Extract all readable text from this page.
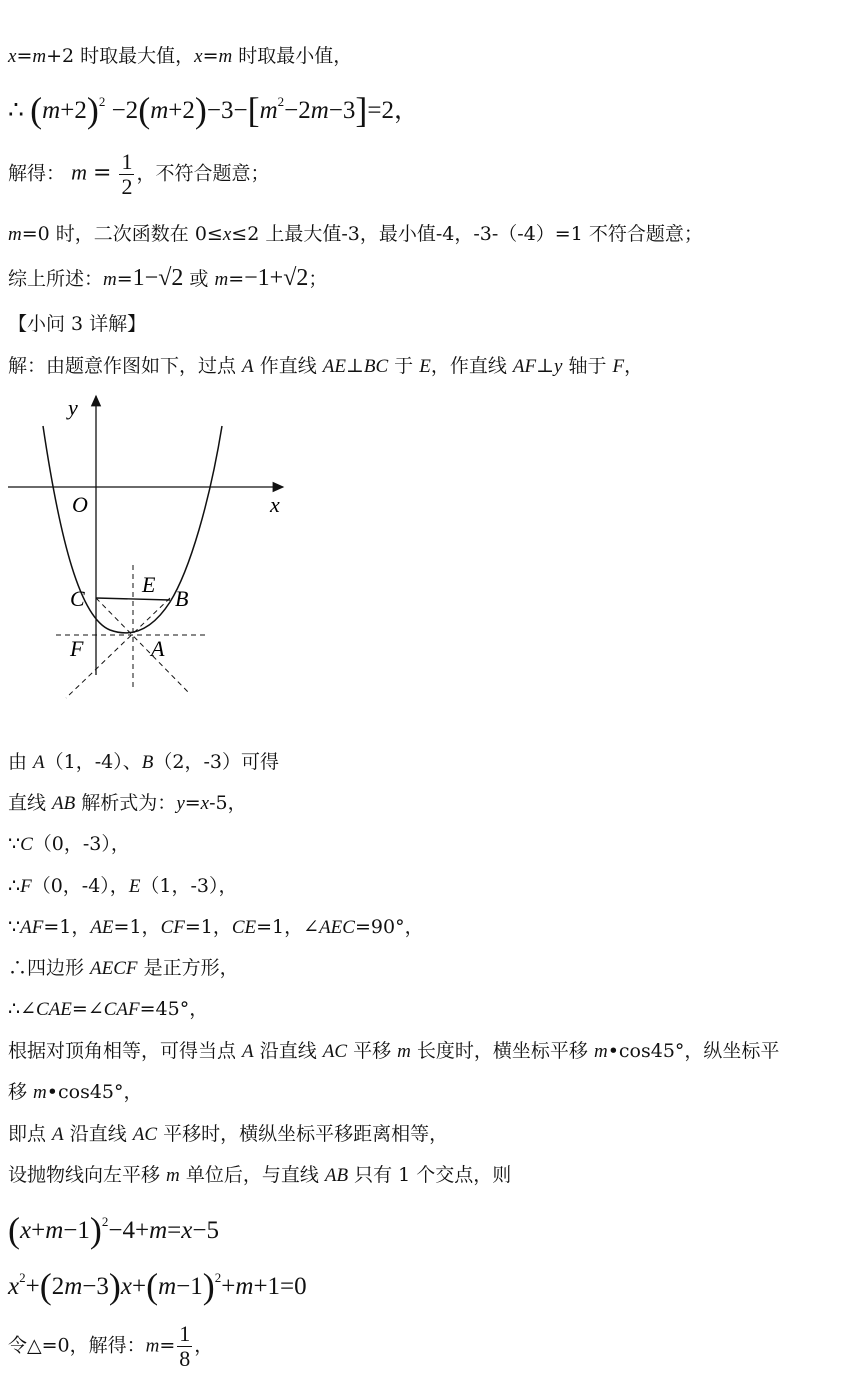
x=m+2 时取最大值，x=m 时取最小值，
∴ $(m+2)^2 -2(m+2)-3-[m^2-2m-3]=2$，
解得： $m = \frac{1}{2}$ ，不符合题意；
m=0 时，二次函数在 0≤x≤2 上最大值-3，最小值-4，-3-（-4）=1 不符合题意；
综上所述：m=1−√2 或 m=−1+√2；
【小问 3 详解】
解：由题意作图如下，过点 A 作直线 AE⊥BC 于 E，作直线 AF⊥y 轴于 F，
y
x
O
C
E
B
F	A
由 A（1，-4）、B（2，-3）可得
直线 AB 解析式为：y=x-5，
∵C（0，-3），
∴F（0，-4），E（1，-3），
∵AF=1，AE=1，CF=1，CE=1，∠AEC=90°，
∴四边形 AECF 是正方形，
∴∠CAE=∠CAF=45°，
根据对顶角相等，可得当点 A 沿直线 AC 平移 m 长度时，横坐标平移 m•cos45°，纵坐标平
移 m•cos45°，
即点 A 沿直线 AC 平移时，横纵坐标平移距离相等，
设抛物线向左平移 m 单位后，与直线 AB 只有 1 个交点，则
$(x+m-1)^2-4+m=x-5$
$x^2+(2m-3)x+(m-1)^2+m+1=0$
令△=0，解得：$m= \frac{1}{8}$ ，
